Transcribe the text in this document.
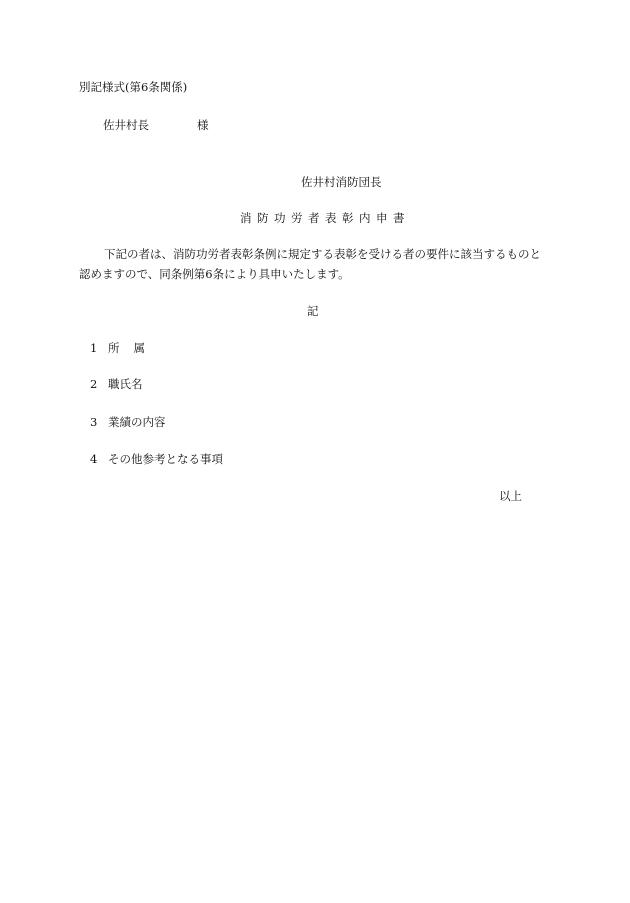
別記様式(第6条関係)
佐井村長	様
佐井村消防団長
消防功労者表彰内申書
下記の者は、消防功労者表彰条例に規定する表彰を受ける者の要件に該当するものと
認めますので、同条例第6条により具申いたします。
記
1 所属
2 職氏名
3 業績の内容
4 その他参考となる事項
以上
